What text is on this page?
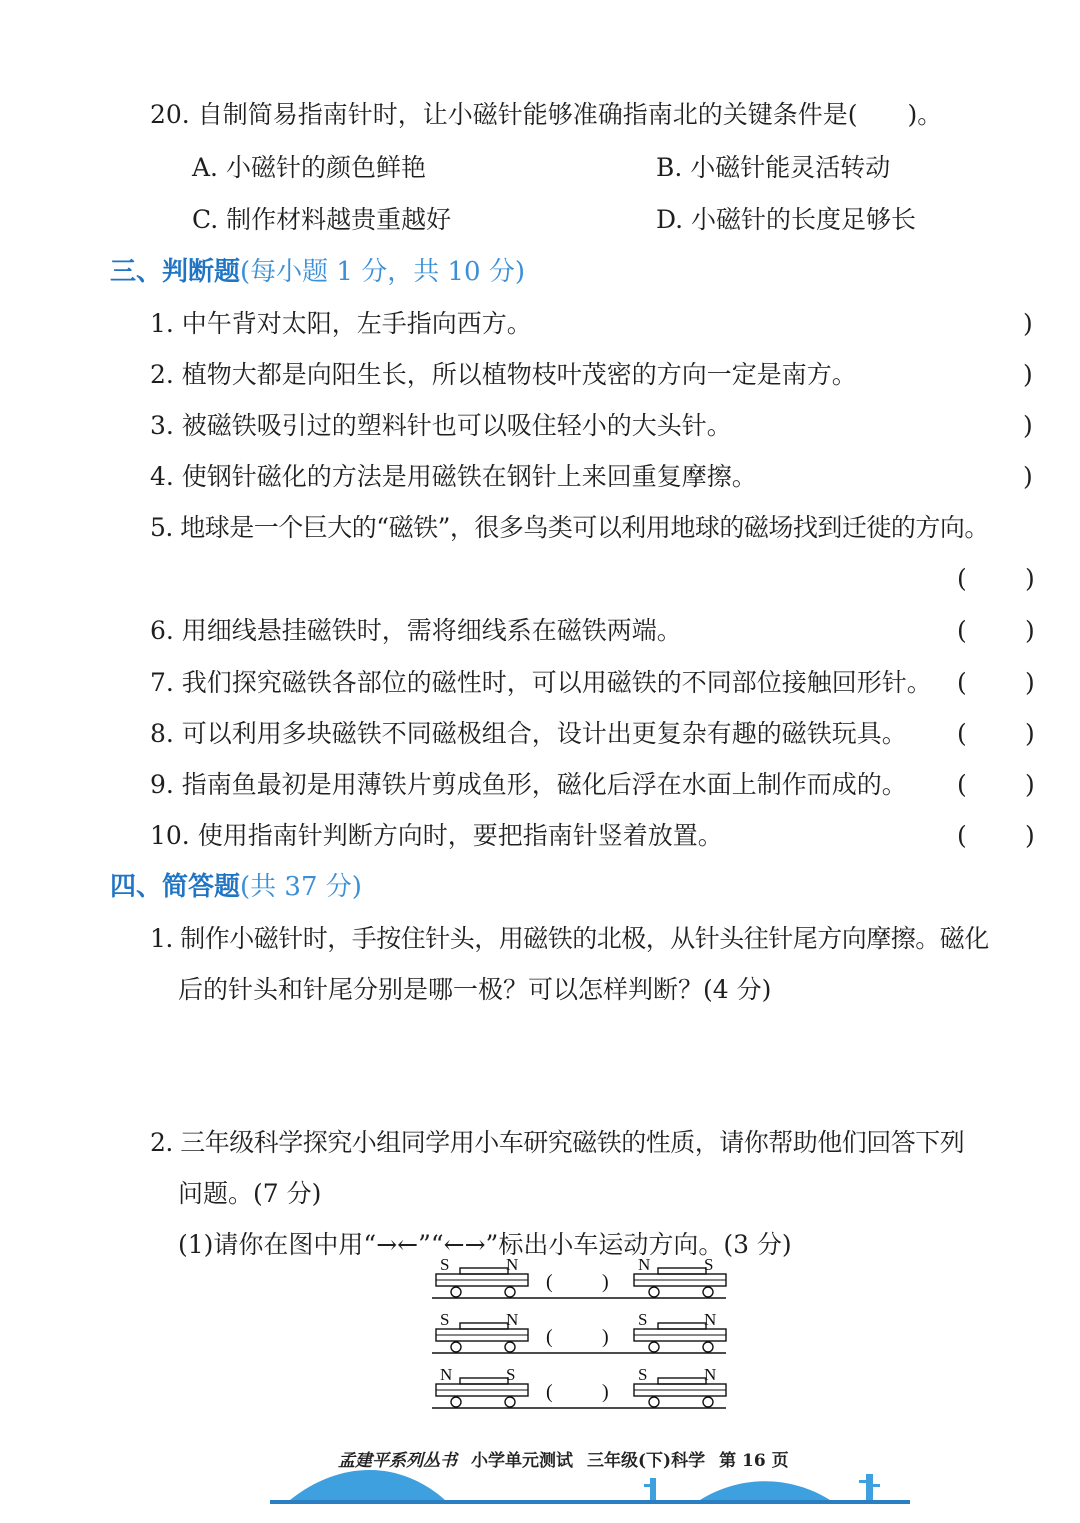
20. 自制简易指南针时，让小磁针能够准确指南北的关键条件是(　　)。
A. 小磁针的颜色鲜艳	B. 小磁针能灵活转动
C. 制作材料越贵重越好	D. 小磁针的长度足够长
三、判断题(每小题 1 分，共 10 分)
1. 中午背对太阳，左手指向西方。	)
2. 植物大都是向阳生长，所以植物枝叶茂密的方向一定是南方。	)
3. 被磁铁吸引过的塑料针也可以吸住轻小的大头针。	)
4. 使钢针磁化的方法是用磁铁在钢针上来回重复摩擦。	)
5. 地球是一个巨大的“磁铁”，很多鸟类可以利用地球的磁场找到迁徙的方向。
( )
6. 用细线悬挂磁铁时，需将细线系在磁铁两端。	( )
7. 我们探究磁铁各部位的磁性时，可以用磁铁的不同部位接触回形针。 ( )
8. 可以利用多块磁铁不同磁极组合，设计出更复杂有趣的磁铁玩具。 ( )
9. 指南鱼最初是用薄铁片剪成鱼形，磁化后浮在水面上制作而成的。 ( )
10. 使用指南针判断方向时，要把指南针竖着放置。	( )
四、简答题(共 37 分)
1. 制作小磁针时，手按住针头，用磁铁的北极，从针头往针尾方向摩擦。磁化
后的针头和针尾分别是哪一极？可以怎样判断？(4 分)
2. 三年级科学探究小组同学用小车研究磁铁的性质，请你帮助他们回答下列
问题。(7 分)
(1)请你在图中用“→←”“←→”标出小车运动方向。(3 分)
S	N	N	S
( )
S	N	S	N
( )
N	S	S	N
( )
孟建平系列丛书 小学单元测试 三年级(下)科学 第 16 页
